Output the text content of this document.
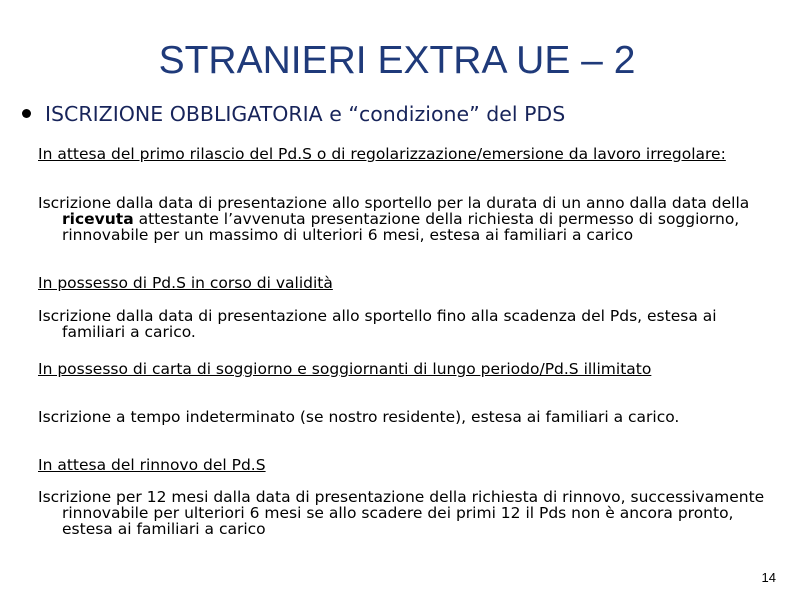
STRANIERI EXTRA UE – 2
ISCRIZIONE OBBLIGATORIA e “condizione” del PDS
In attesa del primo rilascio del Pd.S o di regolarizzazione/emersione da lavoro irregolare:
Iscrizione dalla data di presentazione allo sportello per la durata di un anno dalla data della ricevuta attestante l’avvenuta presentazione della richiesta di permesso di soggiorno, rinnovabile per un massimo di ulteriori 6 mesi, estesa ai familiari a carico
In possesso di Pd.S in corso di validità
Iscrizione dalla data di presentazione allo sportello fino alla scadenza del Pds, estesa ai familiari a carico.
In possesso di carta di soggiorno e soggiornanti di lungo periodo/Pd.S illimitato
Iscrizione a tempo indeterminato (se nostro residente), estesa ai familiari a carico.
In attesa del rinnovo del Pd.S
Iscrizione per 12 mesi dalla data di presentazione della richiesta di rinnovo, successivamente rinnovabile per ulteriori 6 mesi se allo scadere dei primi 12 il Pds non è ancora pronto, estesa ai familiari a carico
14
